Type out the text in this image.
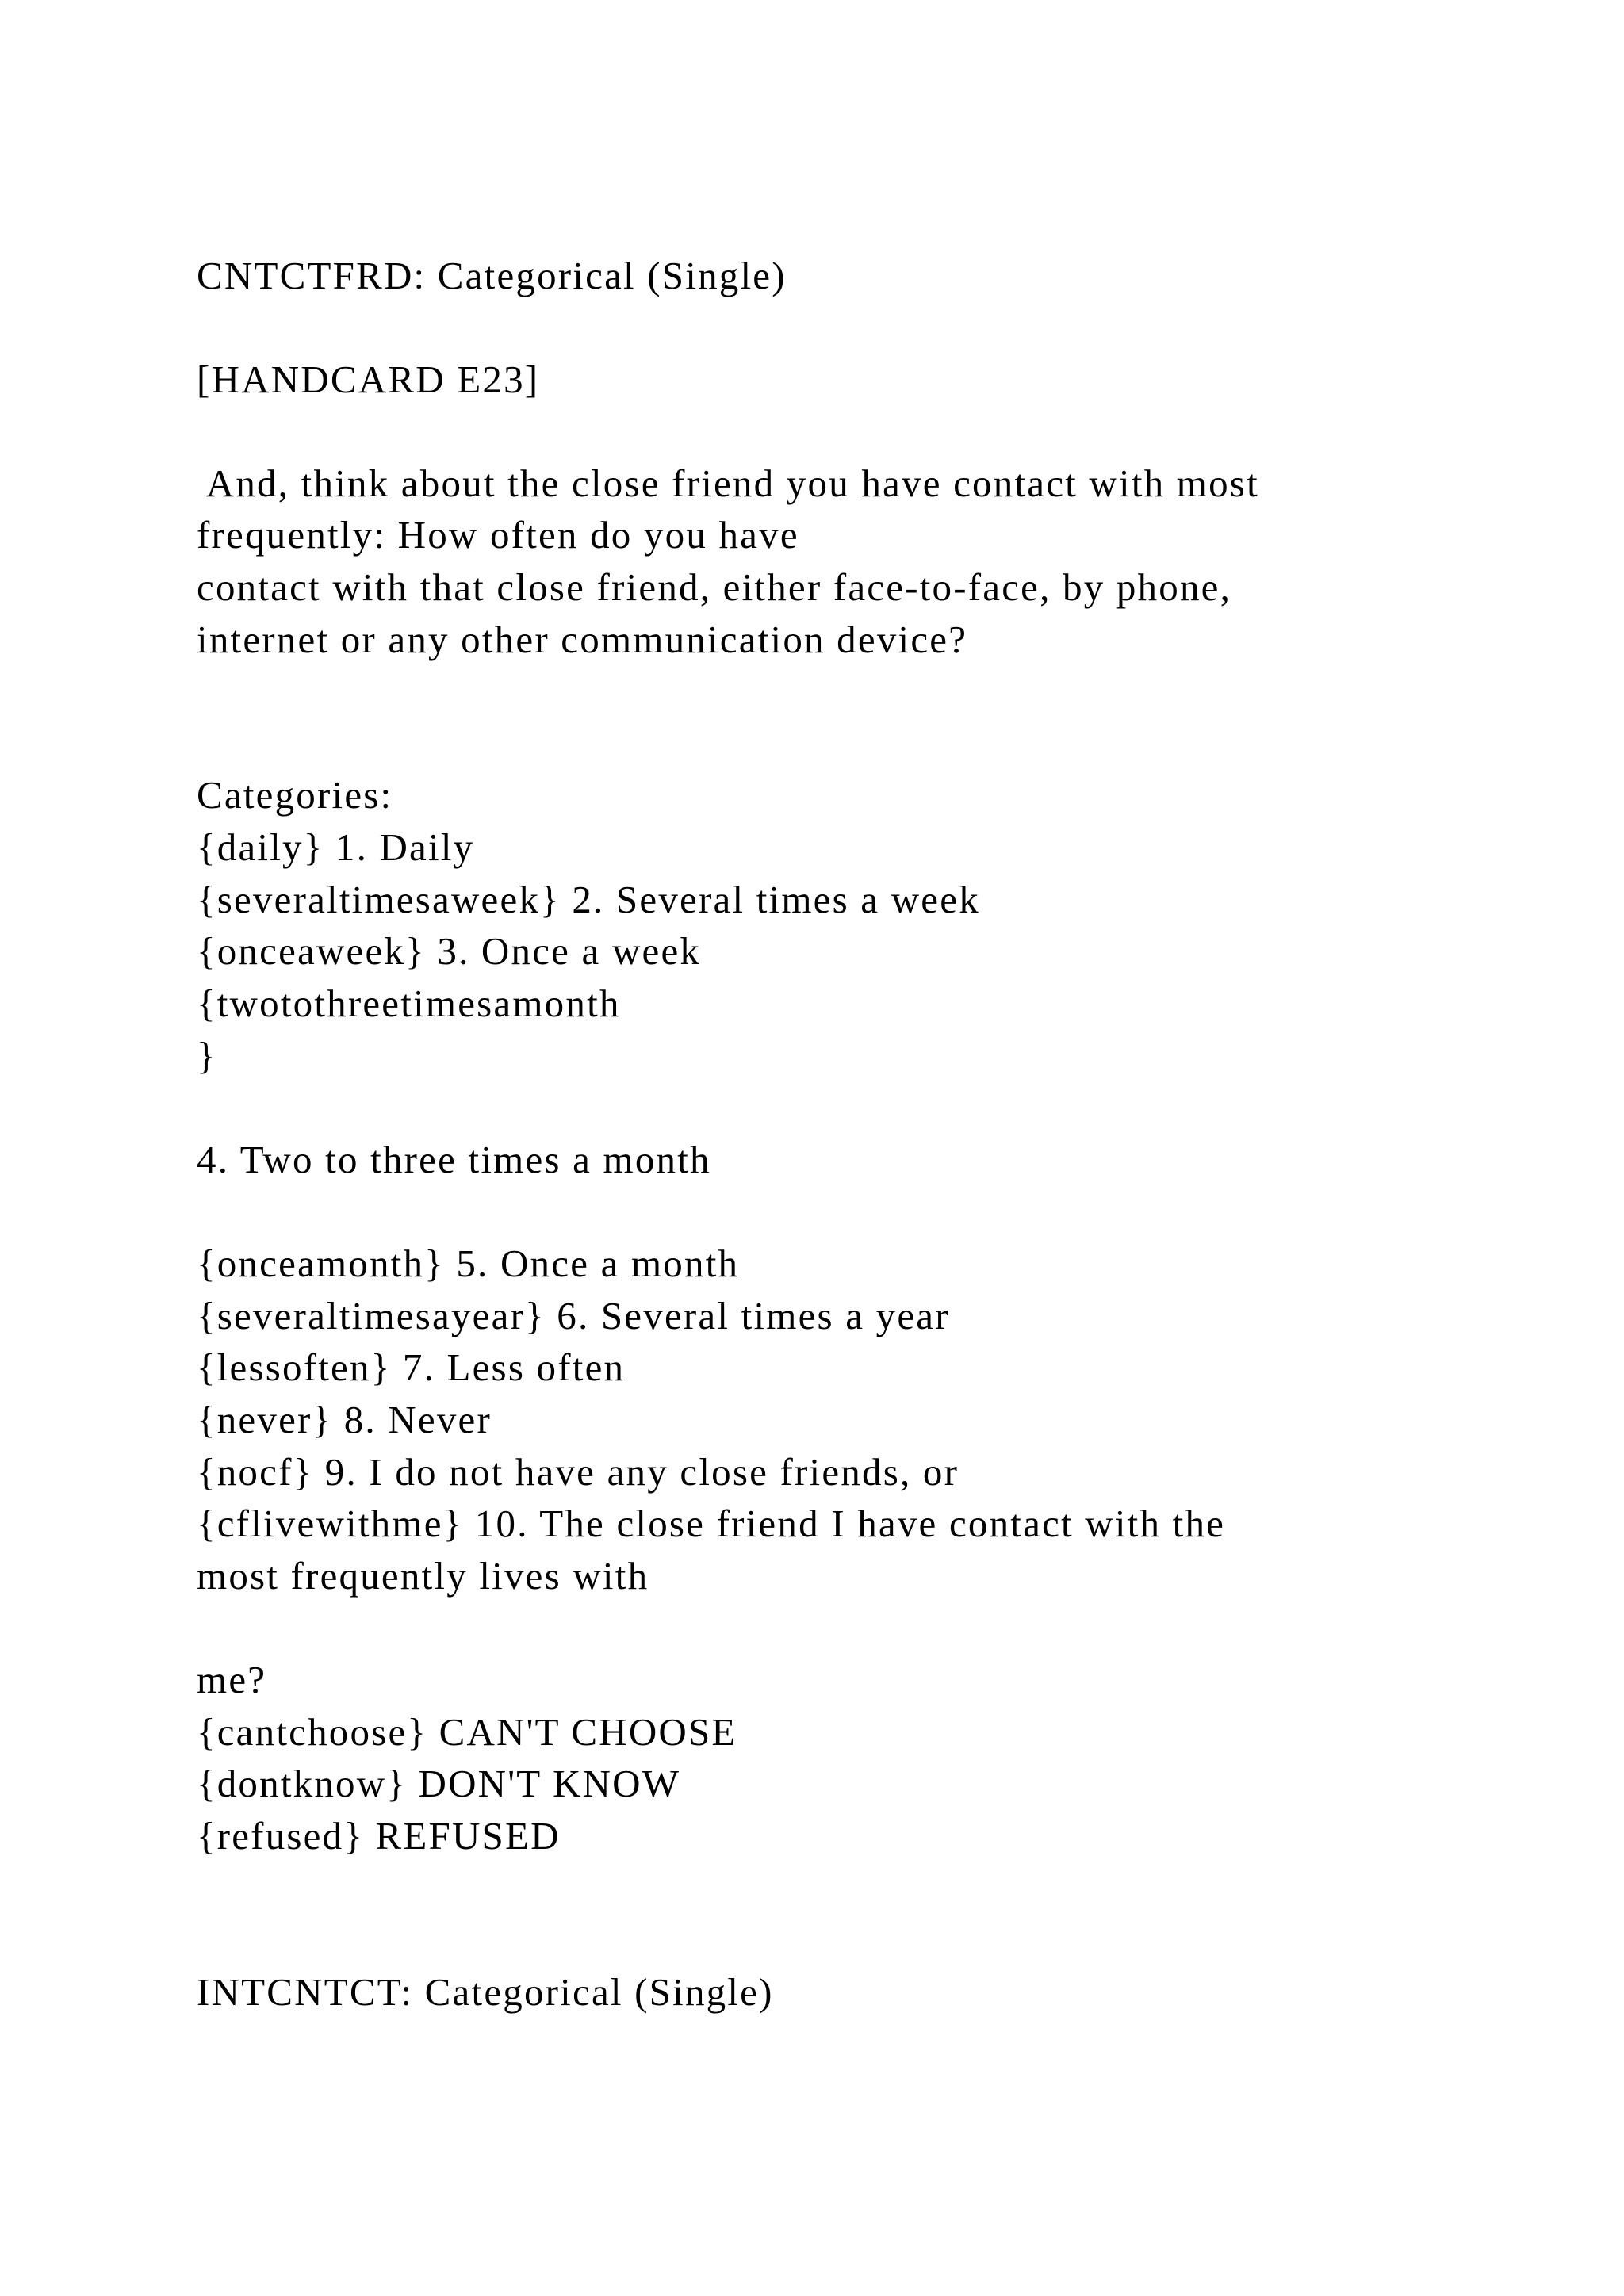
CNTCTFRD: Categorical (Single)

[HANDCARD E23]

And, think about the close friend you have contact with most

frequently: How often do you have

contact with that close friend, either face-to-face, by phone,

internet or any other communication device?

Categories:

{daily} 1. Daily

{severaltimesaweek} 2. Several times a week

{onceaweek} 3. Once a week

{twotothreetimesamonth

}

4. Two to three times a month

{onceamonth} 5. Once a month

{severaltimesayear} 6. Several times a year

{lessoften} 7. Less often

{never} 8. Never

{nocf} 9. I do not have any close friends, or

{cflivewithme} 10. The close friend I have contact with the

most frequently lives with

me?

{cantchoose} CAN'T CHOOSE

{dontknow} DON'T KNOW

{refused} REFUSED

INTCNTCT: Categorical (Single)
